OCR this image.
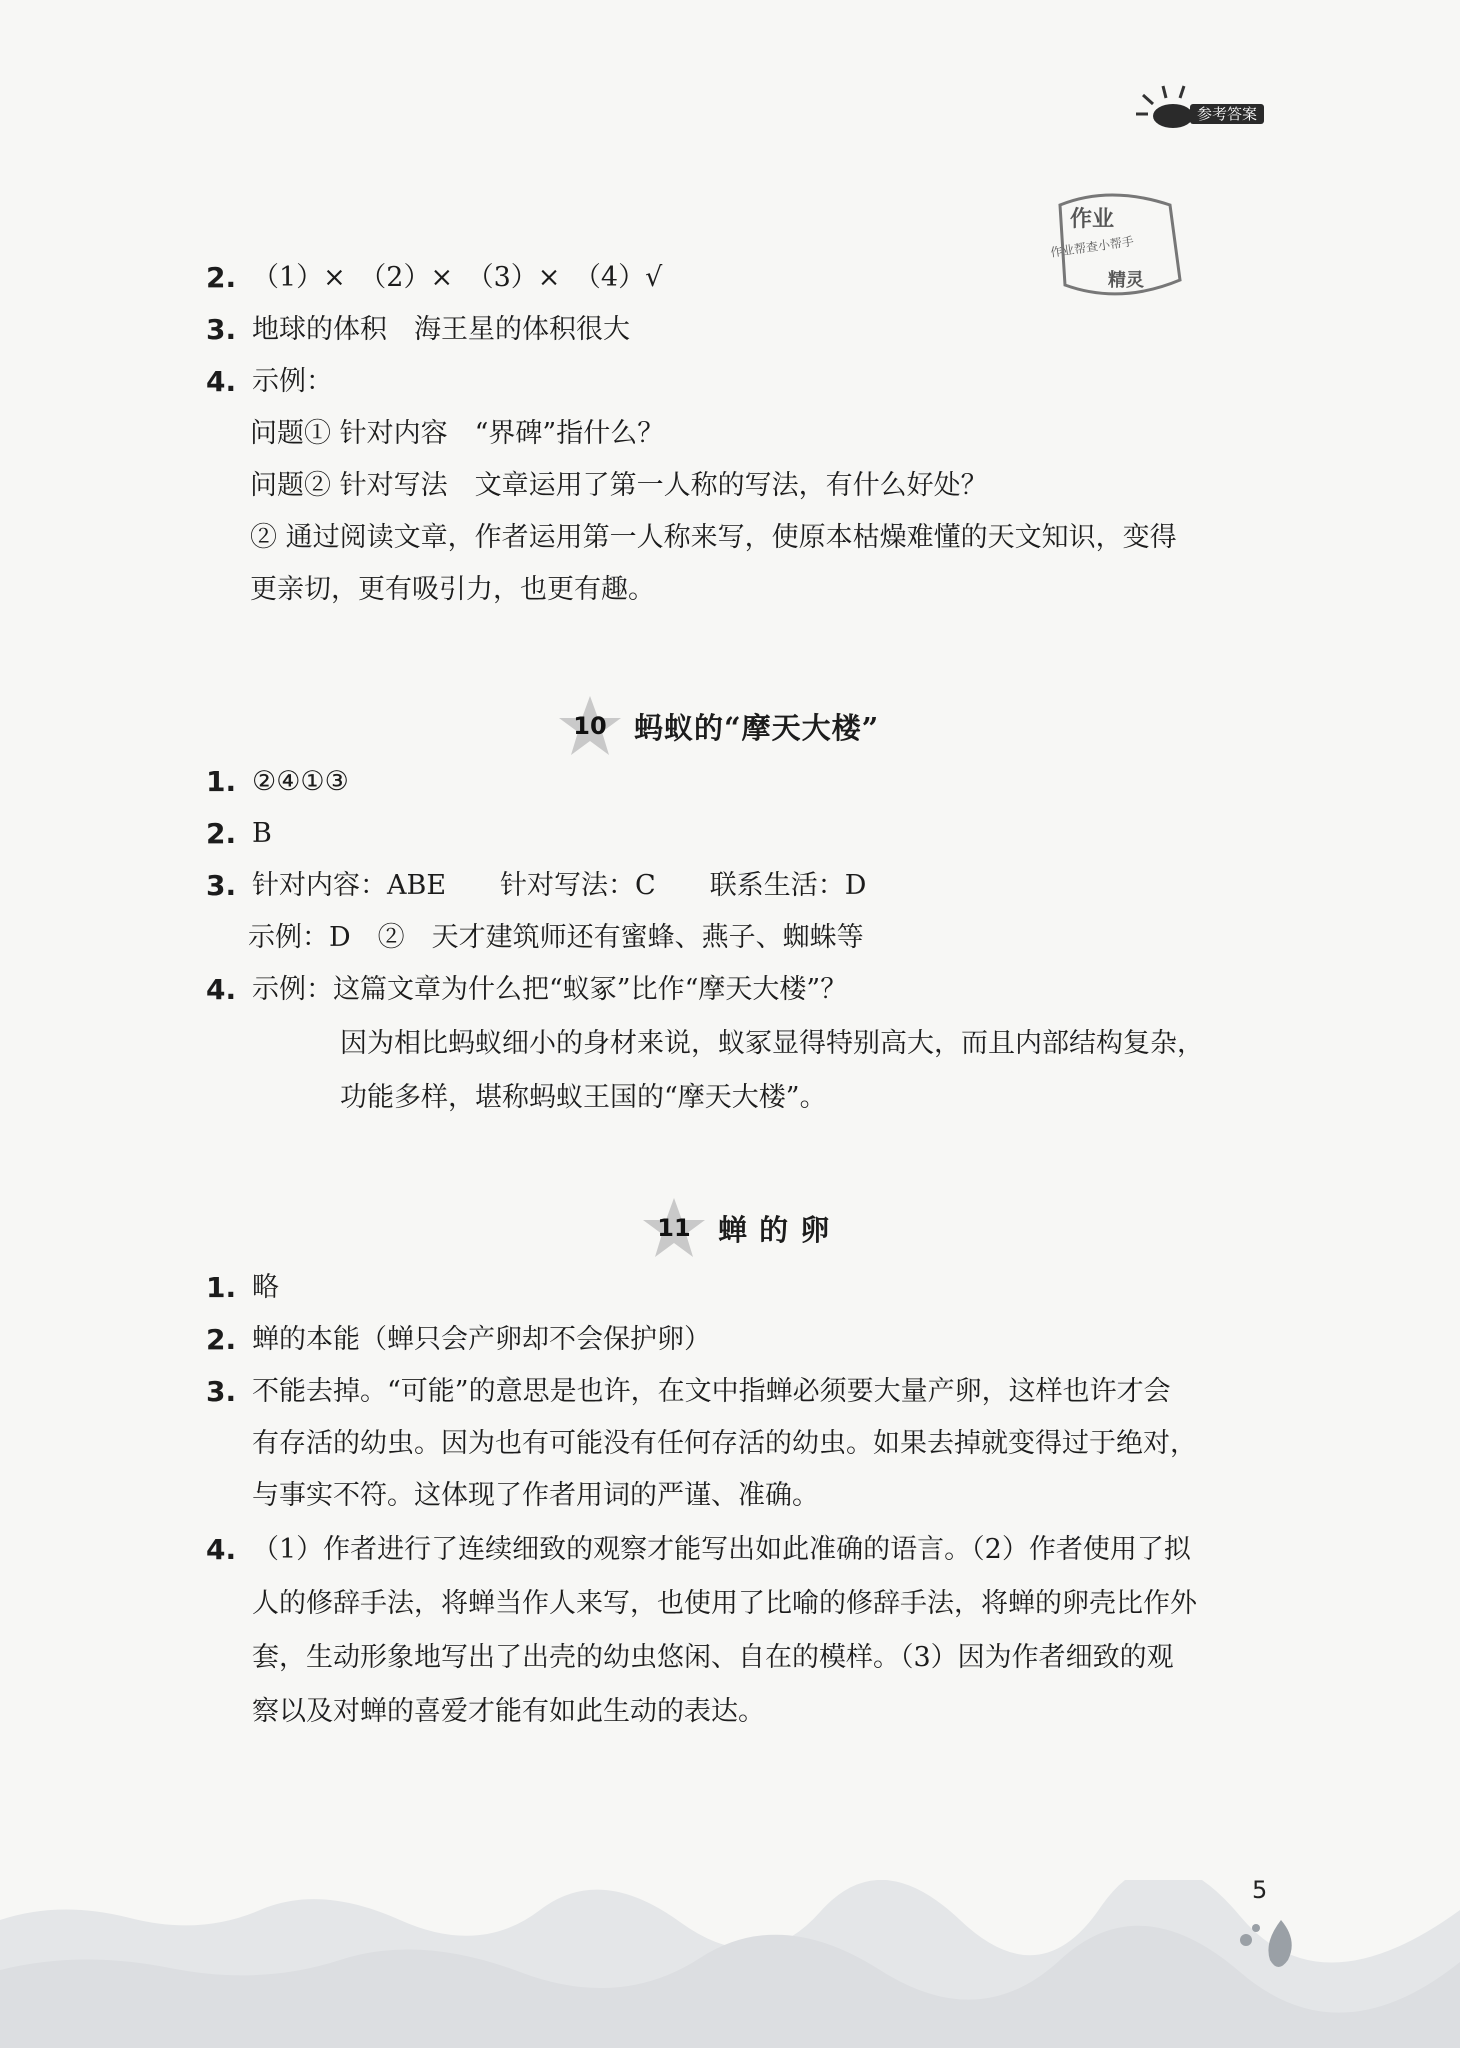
参考答案
作业
作业帮查小帮手
精灵
2. （1）×　（2）×　（3）×　（4）√
3. 地球的体积　海王星的体积很大
4. 示例：
问题① 针对内容　“界碑”指什么？
问题② 针对写法　文章运用了第一人称的写法，有什么好处？
② 通过阅读文章，作者运用第一人称来写，使原本枯燥难懂的天文知识，变得
更亲切，更有吸引力，也更有趣。
10 蚂蚁的“摩天大楼”
1. ②④①③
2. B
3. 针对内容：ABE　　针对写法：C　　联系生活：D
示例：D　②　天才建筑师还有蜜蜂、燕子、蜘蛛等
4. 示例：这篇文章为什么把“蚁冢”比作“摩天大楼”？
因为相比蚂蚁细小的身材来说，蚁冢显得特别高大，而且内部结构复杂，
功能多样，堪称蚂蚁王国的“摩天大楼”。
11 蝉 的 卵
1. 略
2. 蝉的本能（蝉只会产卵却不会保护卵）
3. 不能去掉。“可能”的意思是也许，在文中指蝉必须要大量产卵，这样也许才会
有存活的幼虫。因为也有可能没有任何存活的幼虫。如果去掉就变得过于绝对，
与事实不符。这体现了作者用词的严谨、准确。
4. （1）作者进行了连续细致的观察才能写出如此准确的语言。（2）作者使用了拟
人的修辞手法，将蝉当作人来写，也使用了比喻的修辞手法，将蝉的卵壳比作外
套，生动形象地写出了出壳的幼虫悠闲、自在的模样。（3）因为作者细致的观
察以及对蝉的喜爱才能有如此生动的表达。
5
